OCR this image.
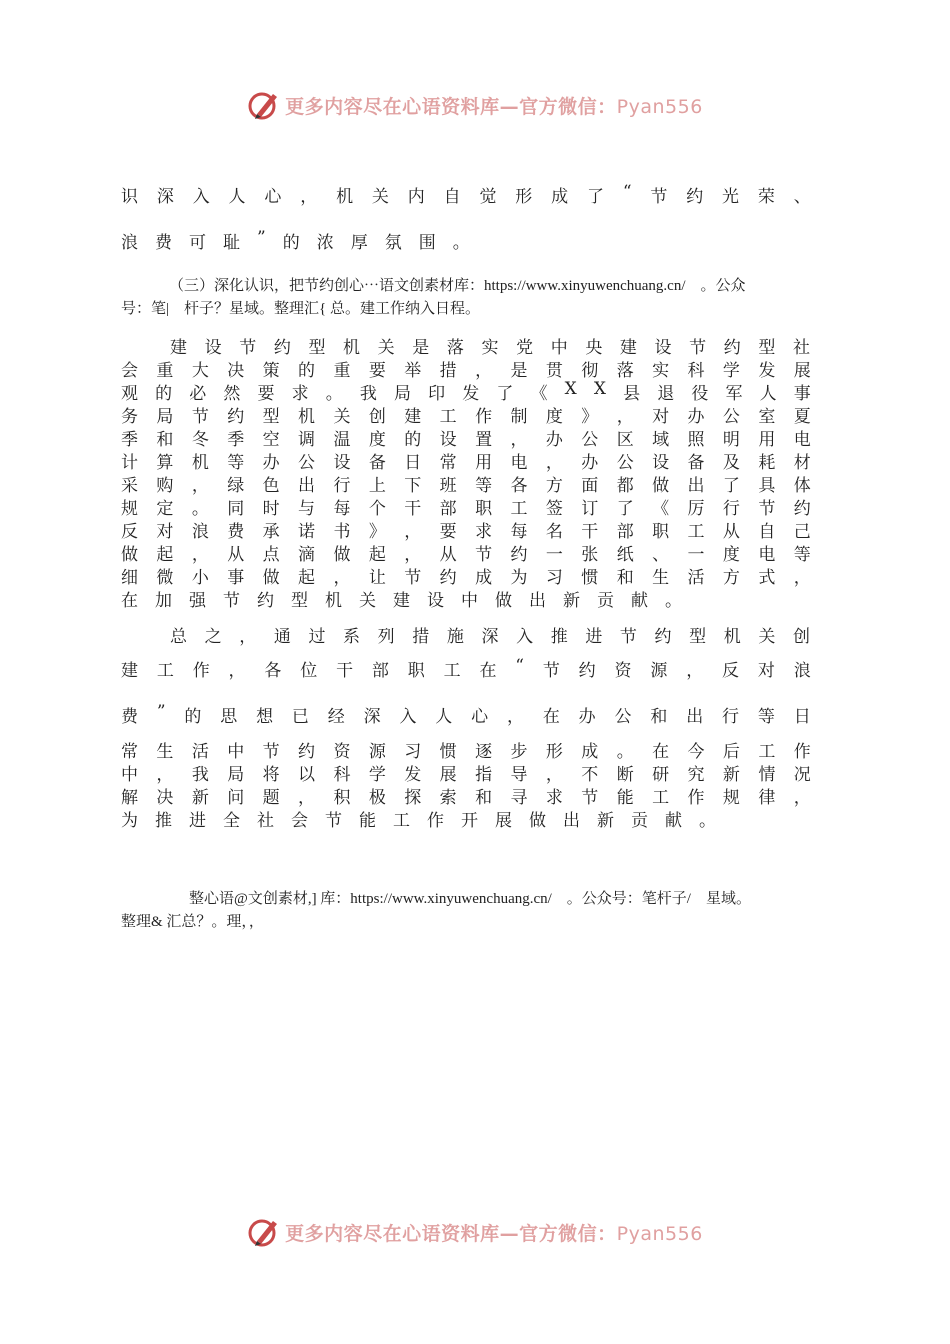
更多内容尽在心语资料库—官方微信：Pyan556
识 深 入 人 心 ， 机 关 内 自 觉 形 成 了 “ 节 约 光 荣 、
浪 费 可 耻 ” 的 浓 厚 氛 围 。
（三）深化认识，把节约创心⋯语文创素材库：https://www.xinyuwenchuang.cn/　。公众
号：笔|　杆子？星域。整理汇{ 总。建工作纳入日程。
建 设 节 约 型 机 关 是 落 实 党 中 央 建 设 节 约 型 社
会 重 大 决 策 的 重 要 举 措 ， 是 贯 彻 落 实 科 学 发 展
观 的 必 然 要 求 。 我 局 印 发 了 《 X X 县 退 役 军 人 事
务 局 节 约 型 机 关 创 建 工 作 制 度 》 ， 对 办 公 室 夏
季 和 冬 季 空 调 温 度 的 设 置 ， 办 公 区 域 照 明 用 电
计 算 机 等 办 公 设 备 日 常 用 电 ， 办 公 设 备 及 耗 材
采 购 ， 绿 色 出 行 上 下 班 等 各 方 面 都 做 出 了 具 体
规 定 。 同 时 与 每 个 干 部 职 工 签 订 了 《 厉 行 节 约
反 对 浪 费 承 诺 书 》 ， 要 求 每 名 干 部 职 工 从 自 己
做 起 ， 从 点 滴 做 起 ， 从 节 约 一 张 纸 、 一 度 电 等
细 微 小 事 做 起 ， 让 节 约 成 为 习 惯 和 生 活 方 式 ，
在 加 强 节 约 型 机 关 建 设 中 做 出 新 贡 献 。
总 之 ， 通 过 系 列 措 施 深 入 推 进 节 约 型 机 关 创
建 工 作 ， 各 位 干 部 职 工 在 “ 节 约 资 源 ， 反 对 浪
费 ” 的 思 想 已 经 深 入 人 心 ， 在 办 公 和 出 行 等 日
常 生 活 中 节 约 资 源 习 惯 逐 步 形 成 。 在 今 后 工 作
中 ， 我 局 将 以 科 学 发 展 指 导 ， 不 断 研 究 新 情 况
解 决 新 问 题 ， 积 极 探 索 和 寻 求 节 能 工 作 规 律 ，
为 推 进 全 社 会 节 能 工 作 开 展 做 出 新 贡 献 。
整心语@文创素材,] 库：https://www.xinyuwenchuang.cn/　。公众号：笔杆子/　星域。
整理& 汇总？。理，，
更多内容尽在心语资料库—官方微信：Pyan556
